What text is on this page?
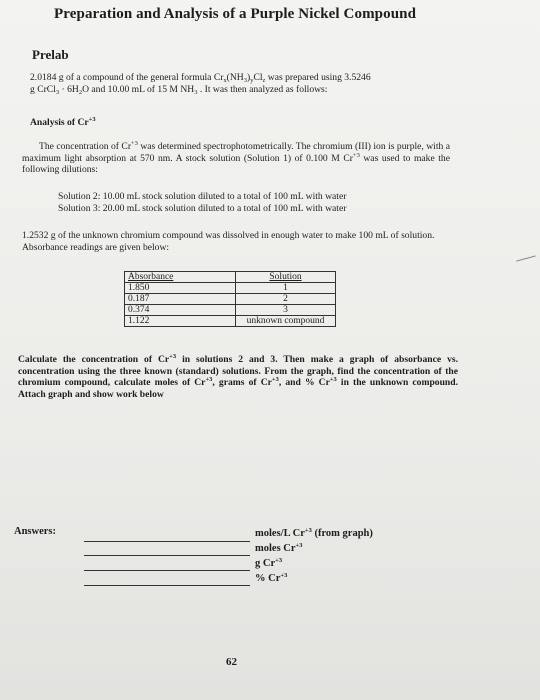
Preparation and Analysis of a Purple Nickel Compound
Prelab
2.0184 g of a compound of the general formula $Cr_x(NH_3)_yCl_z$ was prepared using 3.5246
g CrCl$_3$ · $6H_2O$ and 10.00 mL of 15 M $NH_3$ . It was then analyzed as follows:
Analysis of $Cr^{+3}$
The concentration of $Cr^{+3}$ was determined spectrophotometrically. The chromium (III) ion is purple, with a maximum light absorption at 570 nm. A stock solution (Solution 1) of 0.100 M $Cr^{+3}$ was used to make the following dilutions:
Solution 2: 10.00 mL stock solution diluted to a total of 100 mL with water
Solution 3: 20.00 mL stock solution diluted to a total of 100 mL with water
1.2532 g of the unknown chromium compound was dissolved in enough water to make 100 mL of solution. Absorbance readings are given below:
Absorbance	Solution
1.850	1
0.187	2
0.374	3
1.122	unknown compound
Calculate the concentration of $Cr^{+3}$ in solutions 2 and 3. Then make a graph of absorbance vs. concentration using the three known (standard) solutions. From the graph, find the concentration of the chromium compound, calculate moles of $Cr^{+3}$, grams of $Cr^{+3}$, and % $Cr^{+3}$ in the unknown compound. Attach graph and show work below
Answers:	moles/L $Cr^{+3}$ (from graph)
moles $Cr^{+3}$
g $Cr^{+3}$
% $Cr^{+3}$
62
